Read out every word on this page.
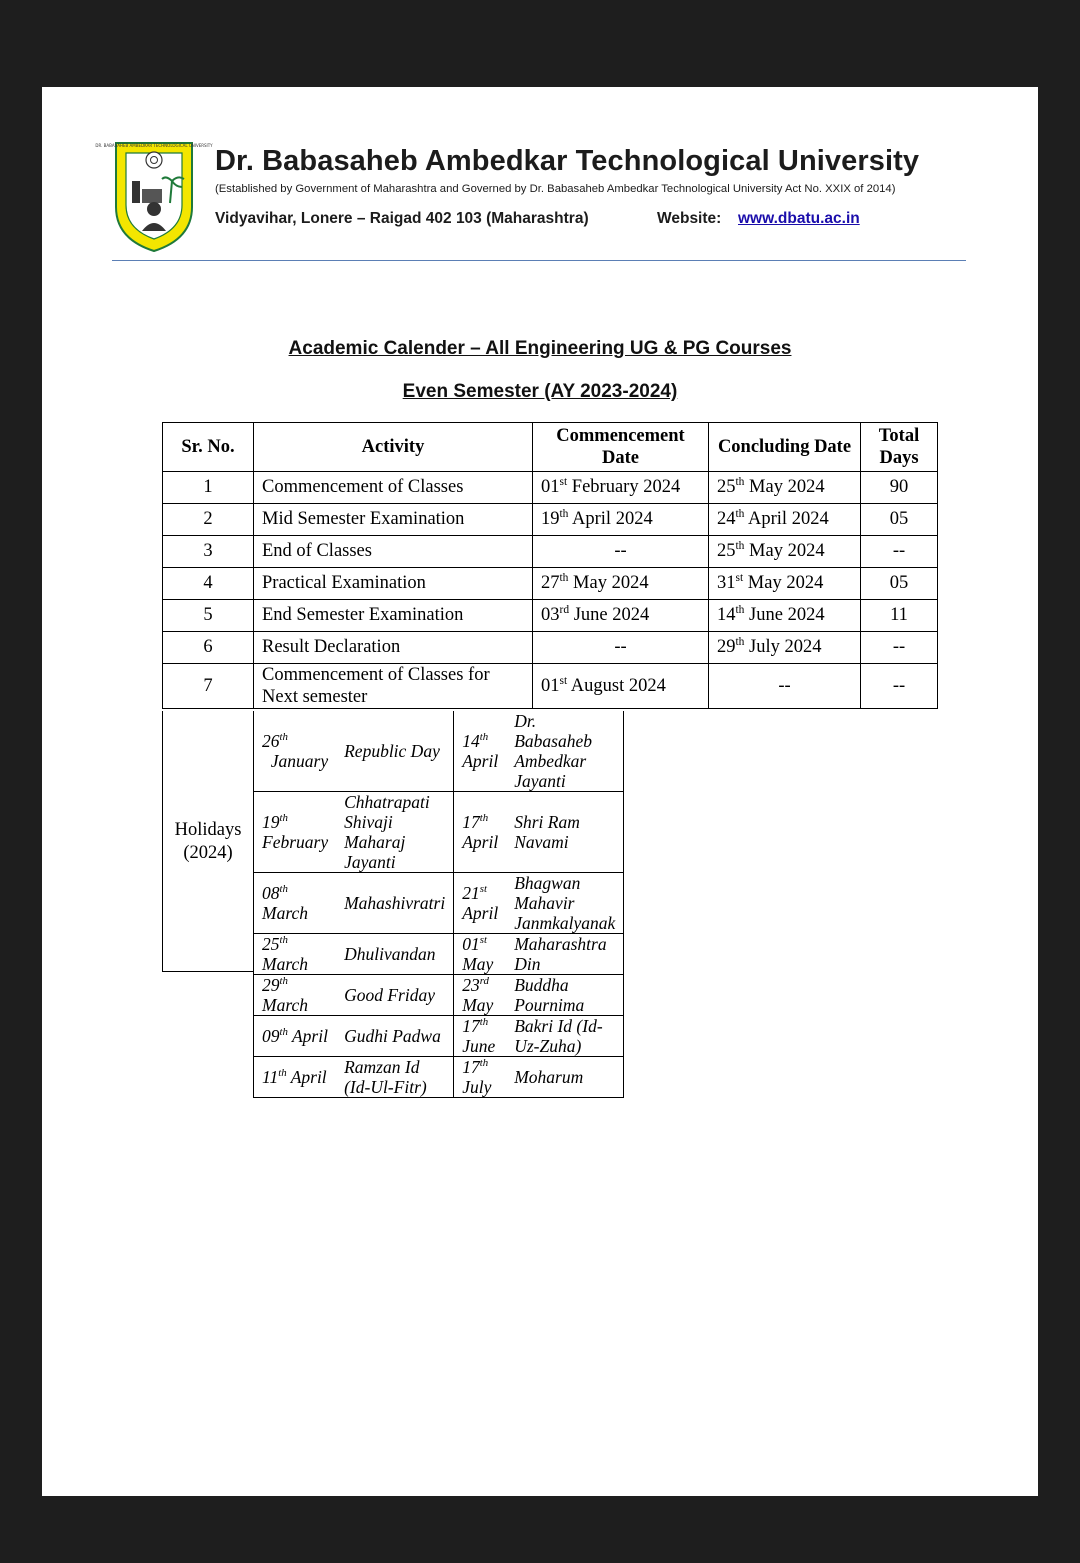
DR. BABASAHEB AMBEDKAR TECHNOLOGICAL UNIVERSITY Dr. Babasaheb Ambedkar Technological University
(Established by Government of Maharashtra and Governed by Dr. Babasaheb Ambedkar Technological University Act No. XXIX of 2014)
Vidyavihar, Lonere – Raigad 402 103 (Maharashtra)	Website: www.dbatu.ac.in
Academic Calender – All Engineering UG & PG Courses
Even Semester (AY 2023-2024)
Sr. No.	Activity	Commencement Date	Concluding Date	Total Days
1	Commencement of Classes	01st February 2024	25th May 2024	90
2	Mid Semester Examination	19th April 2024	24th April 2024	05
3	End of Classes	--	25th May 2024	--
4	Practical Examination	27th May 2024	31st May 2024	05
5	End Semester Examination	03rd June 2024	14th June 2024	11
6	Result Declaration	--	29th July 2024	--
7	Commencement of Classes for Next semester	01st August 2024	--	--
Holidays (2024)
26th  January	Republic Day	14th April	Dr. Babasaheb Ambedkar Jayanti
19th February	Chhatrapati Shivaji Maharaj Jayanti	17th April	Shri Ram Navami
08th March	Mahashivratri	21st April	Bhagwan Mahavir Janmkalyanak
25th March	Dhulivandan	01st May	Maharashtra Din
29th March	Good Friday	23rd May	Buddha Pournima
09th April	Gudhi Padwa	17th June	Bakri Id (Id-Uz-Zuha)
11th April	Ramzan Id (Id-Ul-Fitr)	17th July	Moharum
